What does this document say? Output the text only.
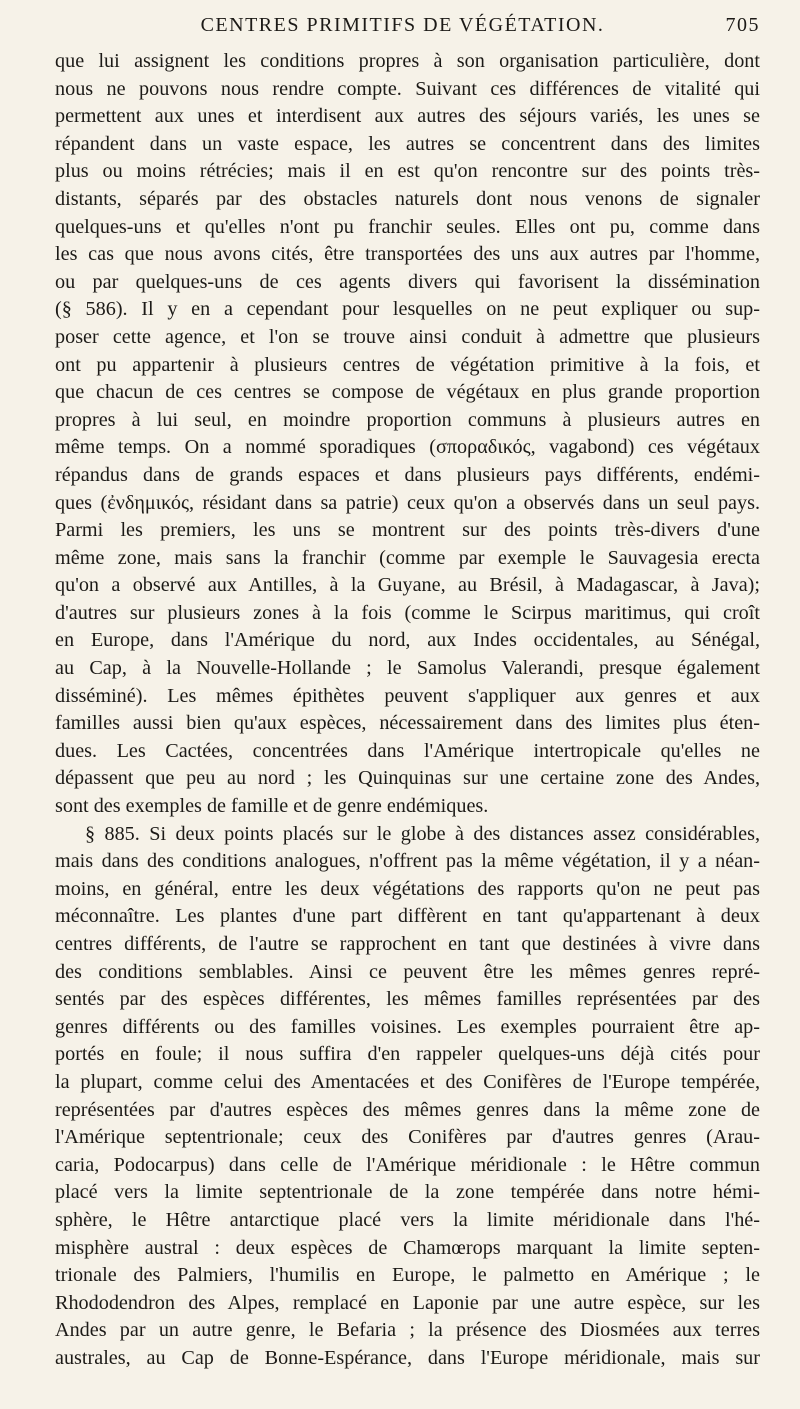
CENTRES PRIMITIFS DE VÉGÉTATION.	705
que lui assignent les conditions propres à son organisation particulière, dont
nous ne pouvons nous rendre compte. Suivant ces différences de vitalité qui
permettent aux unes et interdisent aux autres des séjours variés, les unes se
répandent dans un vaste espace, les autres se concentrent dans des limites
plus ou moins rétrécies; mais il en est qu'on rencontre sur des points très-
distants, séparés par des obstacles naturels dont nous venons de signaler
quelques-uns et qu'elles n'ont pu franchir seules. Elles ont pu, comme dans
les cas que nous avons cités, être transportées des uns aux autres par l'homme,
ou par quelques-uns de ces agents divers qui favorisent la dissémination
(§ 586). Il y en a cependant pour lesquelles on ne peut expliquer ou sup-
poser cette agence, et l'on se trouve ainsi conduit à admettre que plusieurs
ont pu appartenir à plusieurs centres de végétation primitive à la fois, et
que chacun de ces centres se compose de végétaux en plus grande proportion
propres à lui seul, en moindre proportion communs à plusieurs autres en
même temps. On a nommé sporadiques (σποραδικός, vagabond) ces végétaux
répandus dans de grands espaces et dans plusieurs pays différents, endémi-
ques (ἐνδημικός, résidant dans sa patrie) ceux qu'on a observés dans un seul pays.
Parmi les premiers, les uns se montrent sur des points très-divers d'une
même zone, mais sans la franchir (comme par exemple le Sauvagesia erecta
qu'on a observé aux Antilles, à la Guyane, au Brésil, à Madagascar, à Java);
d'autres sur plusieurs zones à la fois (comme le Scirpus maritimus, qui croît
en Europe, dans l'Amérique du nord, aux Indes occidentales, au Sénégal,
au Cap, à la Nouvelle-Hollande ; le Samolus Valerandi, presque également
disséminé). Les mêmes épithètes peuvent s'appliquer aux genres et aux
familles aussi bien qu'aux espèces, nécessairement dans des limites plus éten-
dues. Les Cactées, concentrées dans l'Amérique intertropicale qu'elles ne
dépassent que peu au nord ; les Quinquinas sur une certaine zone des Andes,
sont des exemples de famille et de genre endémiques.
§ 885. Si deux points placés sur le globe à des distances assez considérables,
mais dans des conditions analogues, n'offrent pas la même végétation, il y a néan-
moins, en général, entre les deux végétations des rapports qu'on ne peut pas
méconnaître. Les plantes d'une part diffèrent en tant qu'appartenant à deux
centres différents, de l'autre se rapprochent en tant que destinées à vivre dans
des conditions semblables. Ainsi ce peuvent être les mêmes genres repré-
sentés par des espèces différentes, les mêmes familles représentées par des
genres différents ou des familles voisines. Les exemples pourraient être ap-
portés en foule; il nous suffira d'en rappeler quelques-uns déjà cités pour
la plupart, comme celui des Amentacées et des Conifères de l'Europe tempérée,
représentées par d'autres espèces des mêmes genres dans la même zone de
l'Amérique septentrionale; ceux des Conifères par d'autres genres (Arau-
caria, Podocarpus) dans celle de l'Amérique méridionale : le Hêtre commun
placé vers la limite septentrionale de la zone tempérée dans notre hémi-
sphère, le Hêtre antarctique placé vers la limite méridionale dans l'hé-
misphère austral : deux espèces de Chamœrops marquant la limite septen-
trionale des Palmiers, l'humilis en Europe, le palmetto en Amérique ; le
Rhododendron des Alpes, remplacé en Laponie par une autre espèce, sur les
Andes par un autre genre, le Befaria ; la présence des Diosmées aux terres
australes, au Cap de Bonne-Espérance, dans l'Europe méridionale, mais sur
